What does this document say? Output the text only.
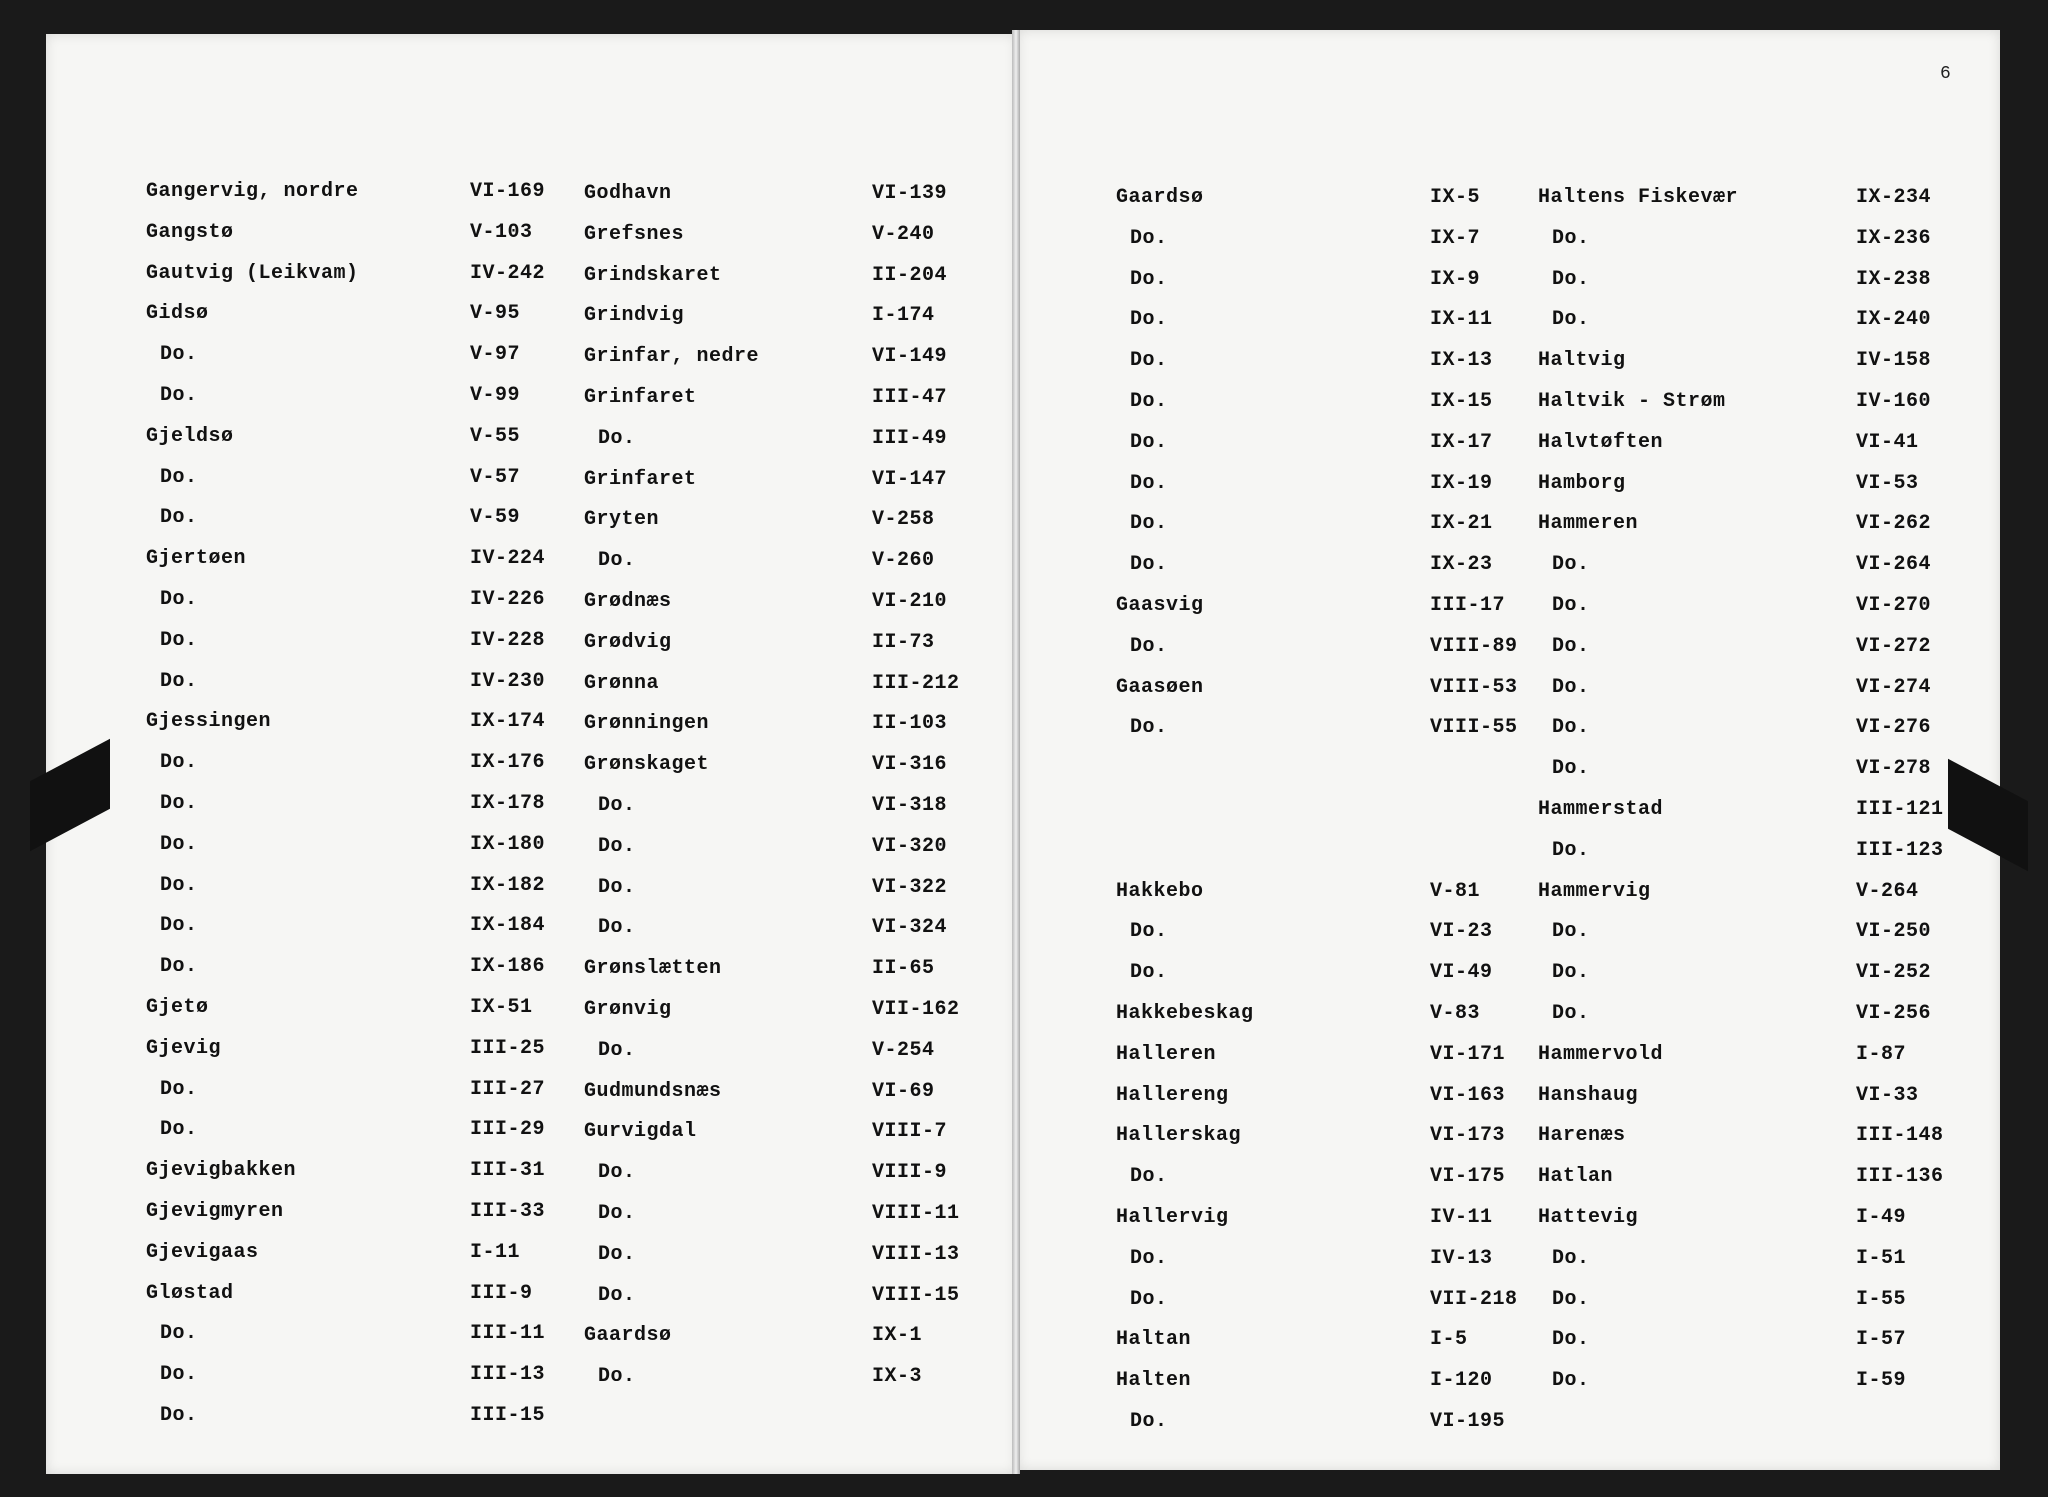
6
Gangervig, nordre	VI-169
Gangstø	V-103
Gautvig (Leikvam)	IV-242
Gidsø	V-95
Do.	V-97
Do.	V-99
Gjeldsø	V-55
Do.	V-57
Do.	V-59
Gjertøen	IV-224
Do.	IV-226
Do.	IV-228
Do.	IV-230
Gjessingen	IX-174
Do.	IX-176
Do.	IX-178
Do.	IX-180
Do.	IX-182
Do.	IX-184
Do.	IX-186
Gjetø	IX-51
Gjevig	III-25
Do.	III-27
Do.	III-29
Gjevigbakken	III-31
Gjevigmyren	III-33
Gjevigaas	I-11
Gløstad	III-9
Do.	III-11
Do.	III-13
Do.	III-15
Godhavn	VI-139
Grefsnes	V-240
Grindskaret	II-204
Grindvig	I-174
Grinfar, nedre	VI-149
Grinfaret	III-47
Do.	III-49
Grinfaret	VI-147
Gryten	V-258
Do.	V-260
Grødnæs	VI-210
Grødvig	II-73
Grønna	III-212
Grønningen	II-103
Grønskaget	VI-316
Do.	VI-318
Do.	VI-320
Do.	VI-322
Do.	VI-324
Grønslætten	II-65
Grønvig	VII-162
Do.	V-254
Gudmundsnæs	VI-69
Gurvigdal	VIII-7
Do.	VIII-9
Do.	VIII-11
Do.	VIII-13
Do.	VIII-15
Gaardsø	IX-1
Do.	IX-3
Gaardsø	IX-5
Do.	IX-7
Do.	IX-9
Do.	IX-11
Do.	IX-13
Do.	IX-15
Do.	IX-17
Do.	IX-19
Do.	IX-21
Do.	IX-23
Gaasvig	III-17
Do.	VIII-89
Gaasøen	VIII-53
Do.	VIII-55
Hakkebo	V-81
Do.	VI-23
Do.	VI-49
Hakkebeskag	V-83
Halleren	VI-171
Hallereng	VI-163
Hallerskag	VI-173
Do.	VI-175
Hallervig	IV-11
Do.	IV-13
Do.	VII-218
Haltan	I-5
Halten	I-120
Do.	VI-195
Haltens Fiskevær	IX-234
Do.	IX-236
Do.	IX-238
Do.	IX-240
Haltvig	IV-158
Haltvik - Strøm	IV-160
Halvtøften	VI-41
Hamborg	VI-53
Hammeren	VI-262
Do.	VI-264
Do.	VI-270
Do.	VI-272
Do.	VI-274
Do.	VI-276
Do.	VI-278
Hammerstad	III-121
Do.	III-123
Hammervig	V-264
Do.	VI-250
Do.	VI-252
Do.	VI-256
Hammervold	I-87
Hanshaug	VI-33
Harenæs	III-148
Hatlan	III-136
Hattevig	I-49
Do.	I-51
Do.	I-55
Do.	I-57
Do.	I-59
